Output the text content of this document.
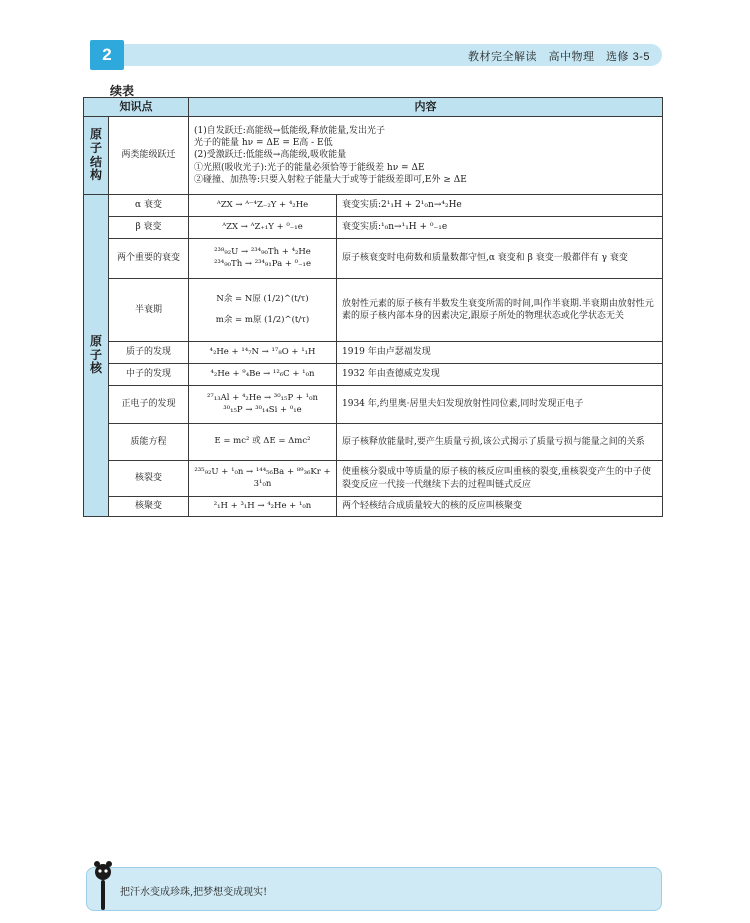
2	教材完全解读　高中物理　选修 3-5
续表
知识点		内容	
原子结构	两类能级跃迁	(1)自发跃迁:高能级→低能级,释放能量,发出光子
光子的能量 hν = ΔE = E高 - E低
(2)受激跃迁:低能级→高能级,吸收能量
①光照(吸收光子):光子的能量必须恰等于能级差 hν = ΔE
②碰撞、加热等:只要入射粒子能量大于或等于能级差即可,E外 ≥ ΔE	

原子核	α 衰变	ᴬZX → ᴬ⁻⁴Z₋₂Y + ⁴₂He	衰变实质:2¹₁H + 2¹₀n→⁴₂He
	β 衰变	ᴬZX → ᴬZ₊₁Y + ⁰₋₁e	衰变实质:¹₀n→¹₁H + ⁰₋₁e
	两个重要的衰变	²³⁸₉₂U → ²³⁴₉₀Th + ⁴₂He
²³⁴₉₀Th → ²³⁴₉₁Pa + ⁰₋₁e	原子核衰变时电荷数和质量数都守恒,α 衰变和 β 衰变一般都伴有 γ 衰变
	半衰期	N余 = N原 (1/2)^(t/τ)
m余 = m原 (1/2)^(t/τ)	放射性元素的原子核有半数发生衰变所需的时间,叫作半衰期.半衰期由放射性元素的原子核内部本身的因素决定,跟原子所处的物理状态或化学状态无关
	质子的发现	⁴₂He + ¹⁴₇N → ¹⁷₈O + ¹₁H	1919 年由卢瑟福发现
	中子的发现	⁴₂He + ⁹₄Be → ¹²₆C + ¹₀n	1932 年由查德威克发现
	正电子的发现	²⁷₁₃Al + ⁴₂He → ³⁰₁₅P + ¹₀n
³⁰₁₅P → ³⁰₁₄Si + ⁰₁e	1934 年,约里奥·居里夫妇发现放射性同位素,同时发现正电子
	质能方程	E = mc² 或 ΔE = Δmc²	原子核释放能量时,要产生质量亏损,该公式揭示了质量亏损与能量之间的关系
	核裂变	²³⁵₉₂U + ¹₀n → ¹⁴⁴₅₆Ba + ⁸⁹₃₆Kr + 3¹₀n	使重核分裂成中等质量的原子核的核反应叫重核的裂变,重核裂变产生的中子使裂变反应一代接一代继续下去的过程叫链式反应
	核聚变	²₁H + ³₁H → ⁴₂He + ¹₀n	两个轻核结合成质量较大的核的反应叫核聚变
把汗水变成珍珠,把梦想变成现实!
